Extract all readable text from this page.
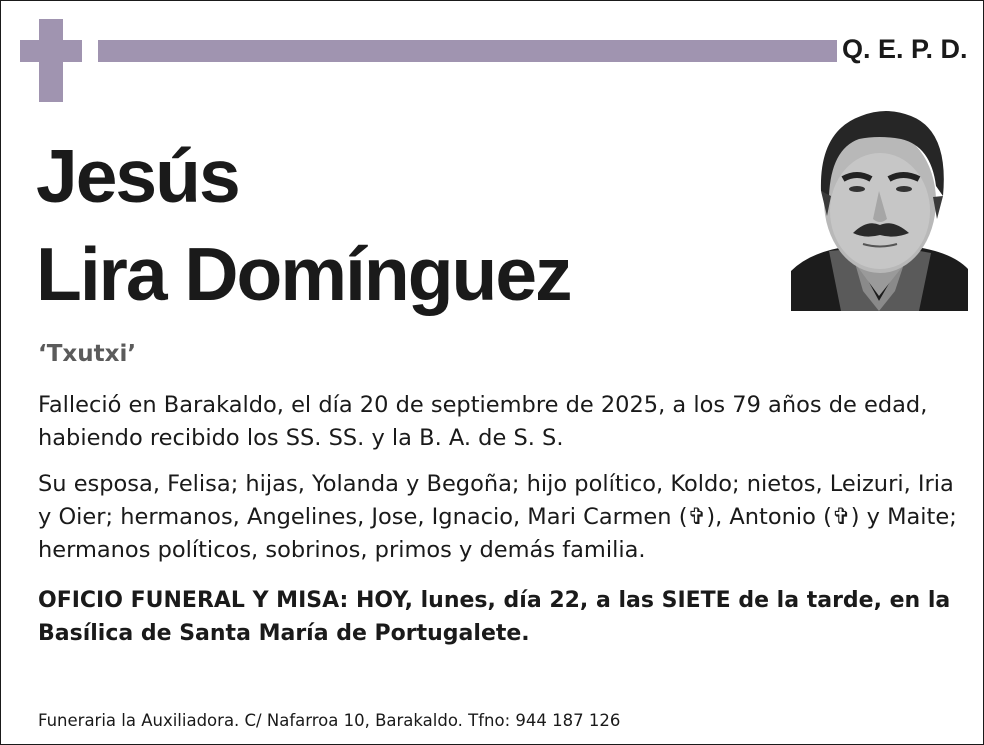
Q. E. P. D.
Jesús
Lira Domínguez
‘Txutxi’
Falleció en Barakaldo, el día 20 de septiembre de 2025, a los 79 años de edad, habiendo recibido los SS. SS. y la B. A. de S. S.
Su esposa, Felisa; hijas, Yolanda y Begoña; hijo político, Koldo; nietos, Leizuri, Iria y Oier; hermanos, Angelines, Jose, Ignacio, Mari Carmen (✞), Antonio (✞) y Maite; hermanos políticos, sobrinos, primos y demás familia.
OFICIO FUNERAL Y MISA: HOY, lunes, día 22, a las SIETE de la tarde, en la Basílica de Santa María de Portugalete.
Funeraria la Auxiliadora. C/ Nafarroa 10, Barakaldo. Tfno: 944 187 126
